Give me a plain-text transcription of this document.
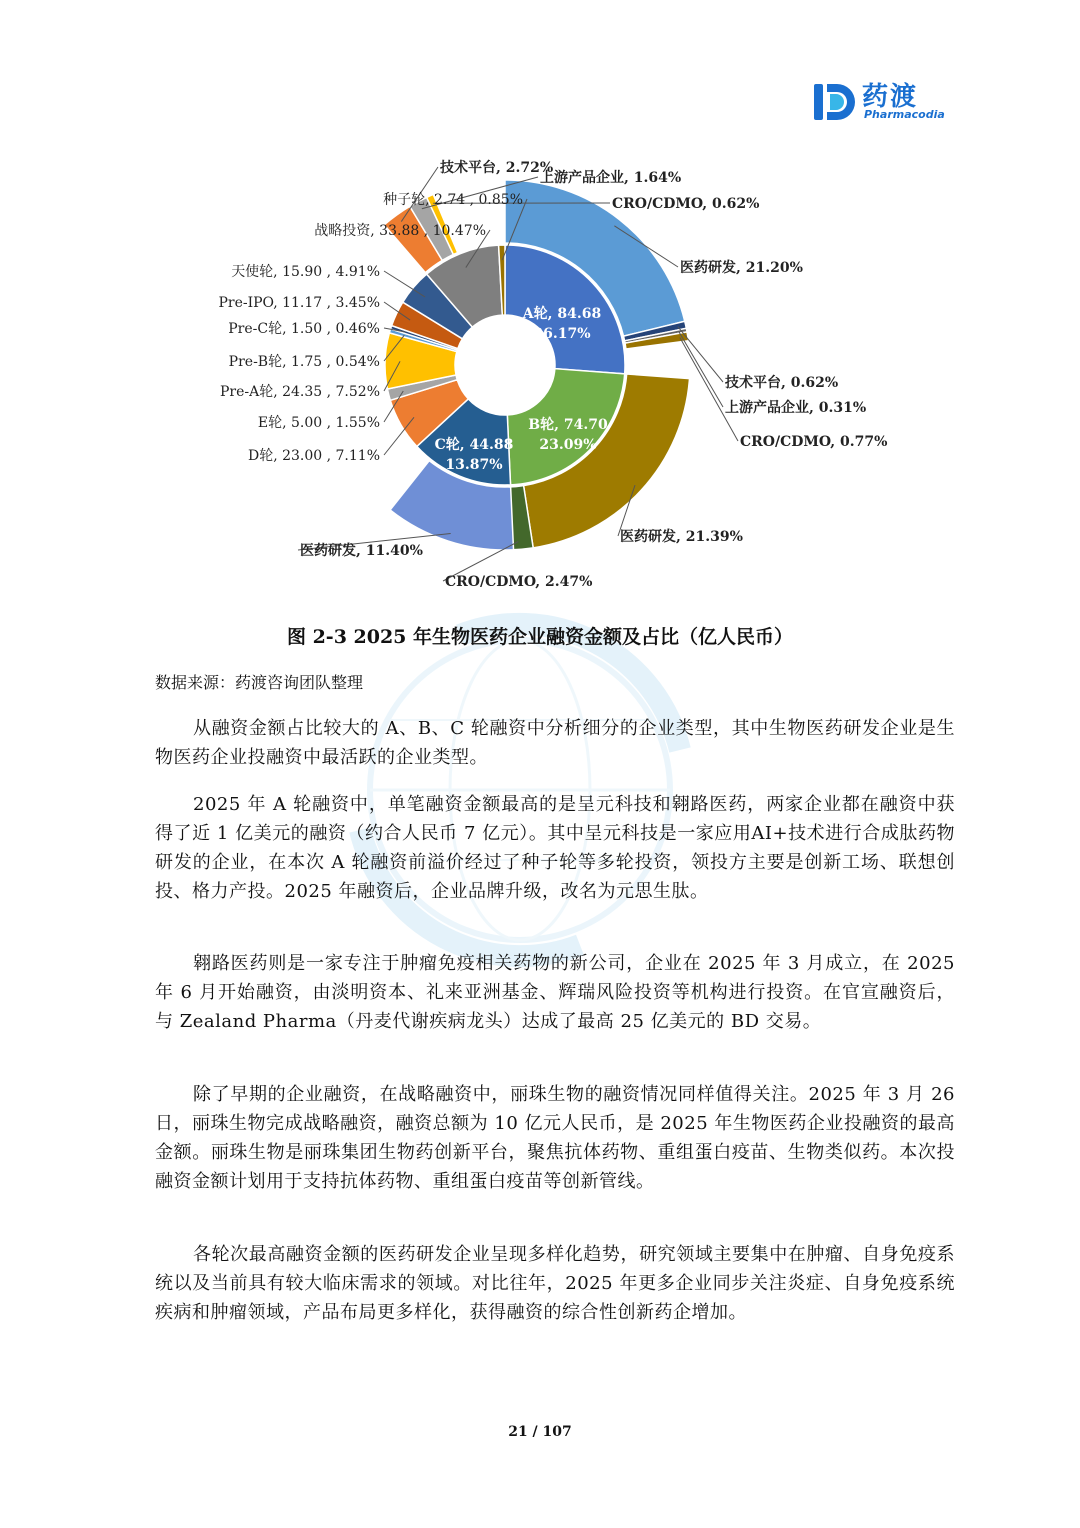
药渡
Pharmacodia
医药研发, 21.20%
技术平台, 0.62%
上游产品企业, 0.31%
CRO/CDMO, 0.77%
医药研发, 21.39%
CRO/CDMO, 2.47%
医药研发, 11.40%
技术平台, 2.72%
上游产品企业, 1.64%
CRO/CDMO, 0.62%
A轮, 84.68
26.17%
B轮, 74.70
23.09%
C轮, 44.88
13.87%
D轮, 23.00 , 7.11%
E轮, 5.00 , 1.55%
Pre-A轮, 24.35 , 7.52%
Pre-B轮, 1.75 , 0.54%
Pre-C轮, 1.50 , 0.46%
Pre-IPO, 11.17 , 3.45%
天使轮, 15.90 , 4.91%
战略投资, 33.88 , 10.47%
种子轮, 2.74 , 0.85%
图 2-3 2025 年生物医药企业融资金额及占比（亿人民币）
数据来源：药渡咨询团队整理
从融资金额占比较大的 A、B、C 轮融资中分析细分的企业类型，其中生物医药研发企业是生物医药企业投融资中最活跃的企业类型。
2025 年 A 轮融资中，单笔融资金额最高的是呈元科技和翱路医药，两家企业都在融资中获得了近 1 亿美元的融资（约合人民币 7 亿元）。其中呈元科技是一家应用AI+技术进行合成肽药物研发的企业，在本次 A 轮融资前溢价经过了种子轮等多轮投资，领投方主要是创新工场、联想创投、格力产投。2025 年融资后，企业品牌升级，改名为元思生肽。
翱路医药则是一家专注于肿瘤免疫相关药物的新公司，企业在 2025 年 3 月成立，在 2025 年 6 月开始融资，由淡明资本、礼来亚洲基金、辉瑞风险投资等机构进行投资。在官宣融资后，与 Zealand Pharma（丹麦代谢疾病龙头）达成了最高 25 亿美元的 BD 交易。
除了早期的企业融资，在战略融资中，丽珠生物的融资情况同样值得关注。2025 年 3 月 26 日，丽珠生物完成战略融资，融资总额为 10 亿元人民币，是 2025 年生物医药企业投融资的最高金额。丽珠生物是丽珠集团生物药创新平台，聚焦抗体药物、重组蛋白疫苗、生物类似药。本次投融资金额计划用于支持抗体药物、重组蛋白疫苗等创新管线。
各轮次最高融资金额的医药研发企业呈现多样化趋势，研究领域主要集中在肿瘤、自身免疫系统以及当前具有较大临床需求的领域。对比往年，2025 年更多企业同步关注炎症、自身免疫系统疾病和肿瘤领域，产品布局更多样化，获得融资的综合性创新药企增加。
21 / 107
